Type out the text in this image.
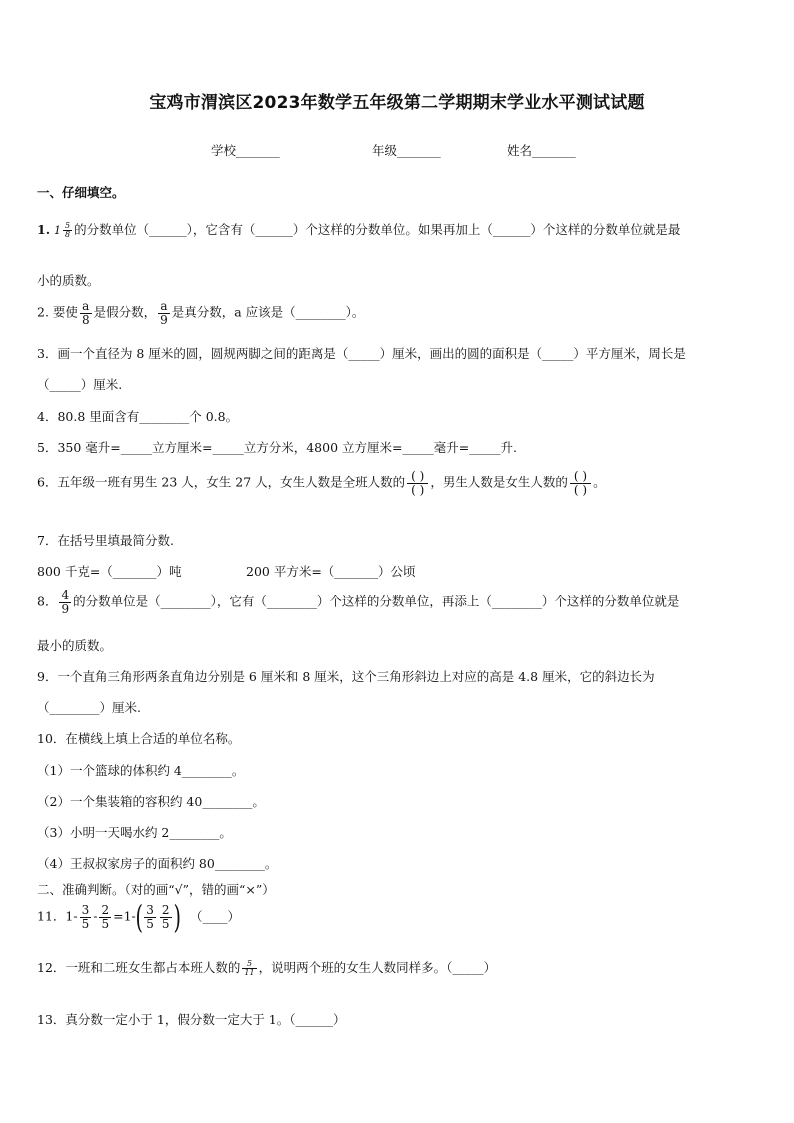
宝鸡市渭滨区2023年数学五年级第二学期期末学业水平测试试题
学校_______	年级_______	姓名_______
一、仔细填空。
1. $1 \frac{5}{8}$ 的分数单位（______），它含有（______）个这样的分数单位。如果再加上（______）个这样的分数单位就是最
小的质数。
2. 要使 $\frac{a}{8}$ 是假分数， $\frac{a}{9}$ 是真分数，a 应该是（________）。
3．画一个直径为 8 厘米的圆，圆规两脚之间的距离是（_____）厘米，画出的圆的面积是（_____）平方厘米，周长是
（_____）厘米.
4．80.8 里面含有________个 0.8。
5．350 毫升=_____立方厘米=_____立方分米，4800 立方厘米=_____毫升=_____升.
6．五年级一班有男生 23 人，女生 27 人，女生人数是全班人数的 $\frac{( )}{( )}$ ，男生人数是女生人数的 $\frac{( )}{( )}$ 。
7．在括号里填最简分数.
800 千克=（_______）吨	200 平方米=（_______）公顷
8． $\frac{4}{9}$ 的分数单位是（________），它有（________）个这样的分数单位，再添上（________）个这样的分数单位就是
最小的质数。
9．一个直角三角形两条直角边分别是 6 厘米和 8 厘米，这个三角形斜边上对应的高是 4.8 厘米，它的斜边长为
（________）厘米.
10．在横线上填上合适的单位名称。
（1）一个篮球的体积约 4________。
（2）一个集装箱的容积约 40________。
（3）小明一天喝水约 2________。
（4）王叔叔家房子的面积约 80________。
二、准确判断。（对的画“√”，错的画“×”）
11．$1- \frac{3}{5} - \frac{2}{5} =1-( \frac{3}{5} \frac{2}{5}$ ) （____）
12．一班和二班女生都占本班人数的 $\frac{5}{11}$ ，说明两个班的女生人数同样多。（_____）
13．真分数一定小于 1，假分数一定大于 1。（______）
